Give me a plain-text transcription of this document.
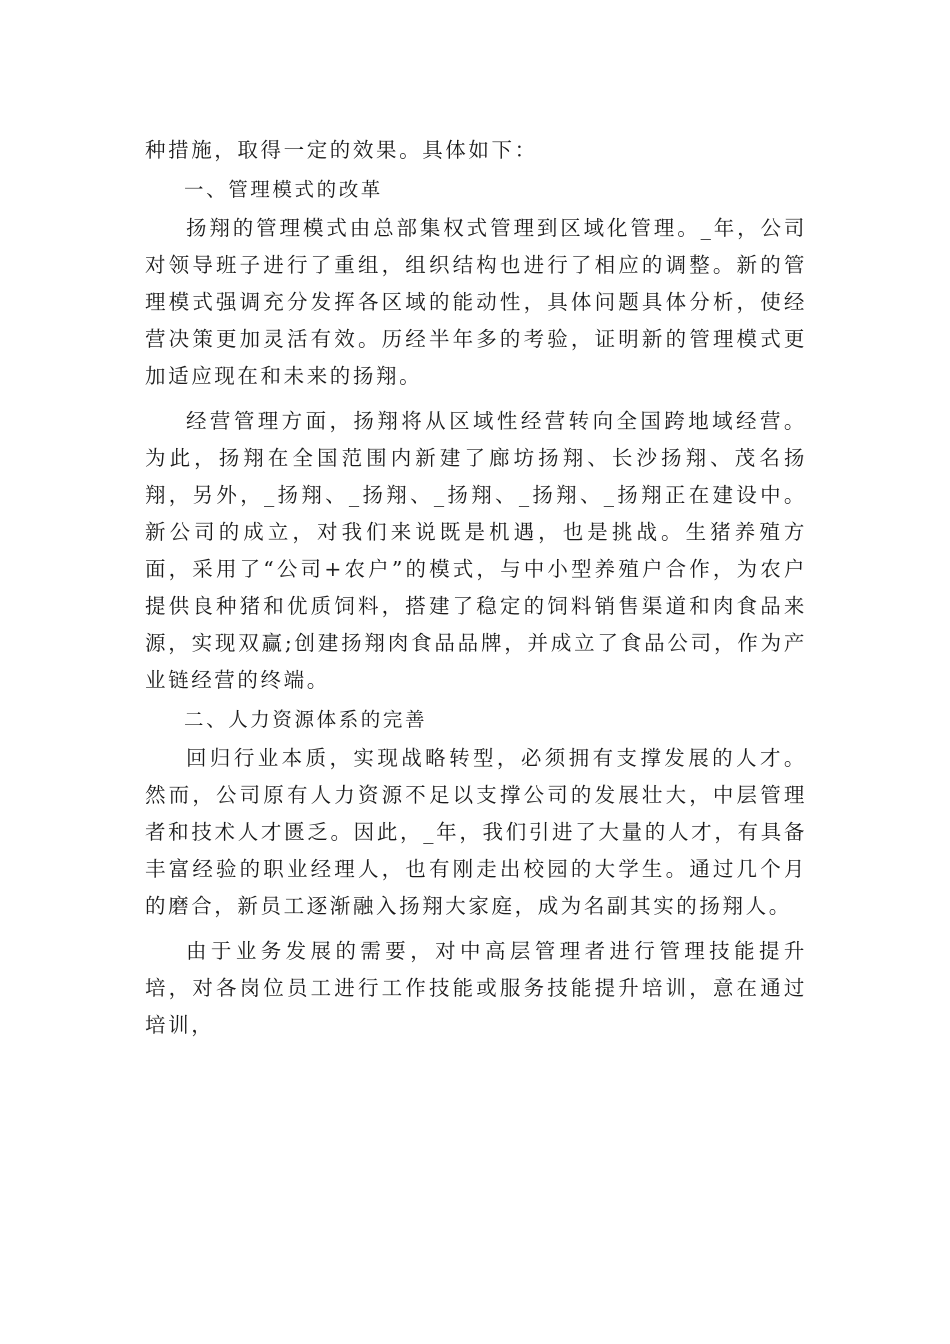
种措施，取得一定的效果。具体如下：

一、管理模式的改革

扬翔的管理模式由总部集权式管理到区域化管理。_年，公司对领导班子进行了重组，组织结构也进行了相应的调整。新的管理模式强调充分发挥各区域的能动性，具体问题具体分析，使经营决策更加灵活有效。历经半年多的考验，证明新的管理模式更加适应现在和未来的扬翔。

经营管理方面，扬翔将从区域性经营转向全国跨地域经营。为此，扬翔在全国范围内新建了廊坊扬翔、长沙扬翔、茂名扬翔，另外，_扬翔、_扬翔、_扬翔、_扬翔、_扬翔正在建设中。新公司的成立，对我们来说既是机遇，也是挑战。生猪养殖方面，采用了“公司+农户”的模式，与中小型养殖户合作，为农户提供良种猪和优质饲料，搭建了稳定的饲料销售渠道和肉食品来源，实现双赢;创建扬翔肉食品品牌，并成立了食品公司，作为产业链经营的终端。

二、人力资源体系的完善

回归行业本质，实现战略转型，必须拥有支撑发展的人才。然而，公司原有人力资源不足以支撑公司的发展壮大，中层管理者和技术人才匮乏。因此，_年，我们引进了大量的人才，有具备丰富经验的职业经理人，也有刚走出校园的大学生。通过几个月的磨合，新员工逐渐融入扬翔大家庭，成为名副其实的扬翔人。

由于业务发展的需要，对中高层管理者进行管理技能提升培，对各岗位员工进行工作技能或服务技能提升培训，意在通过培训，
